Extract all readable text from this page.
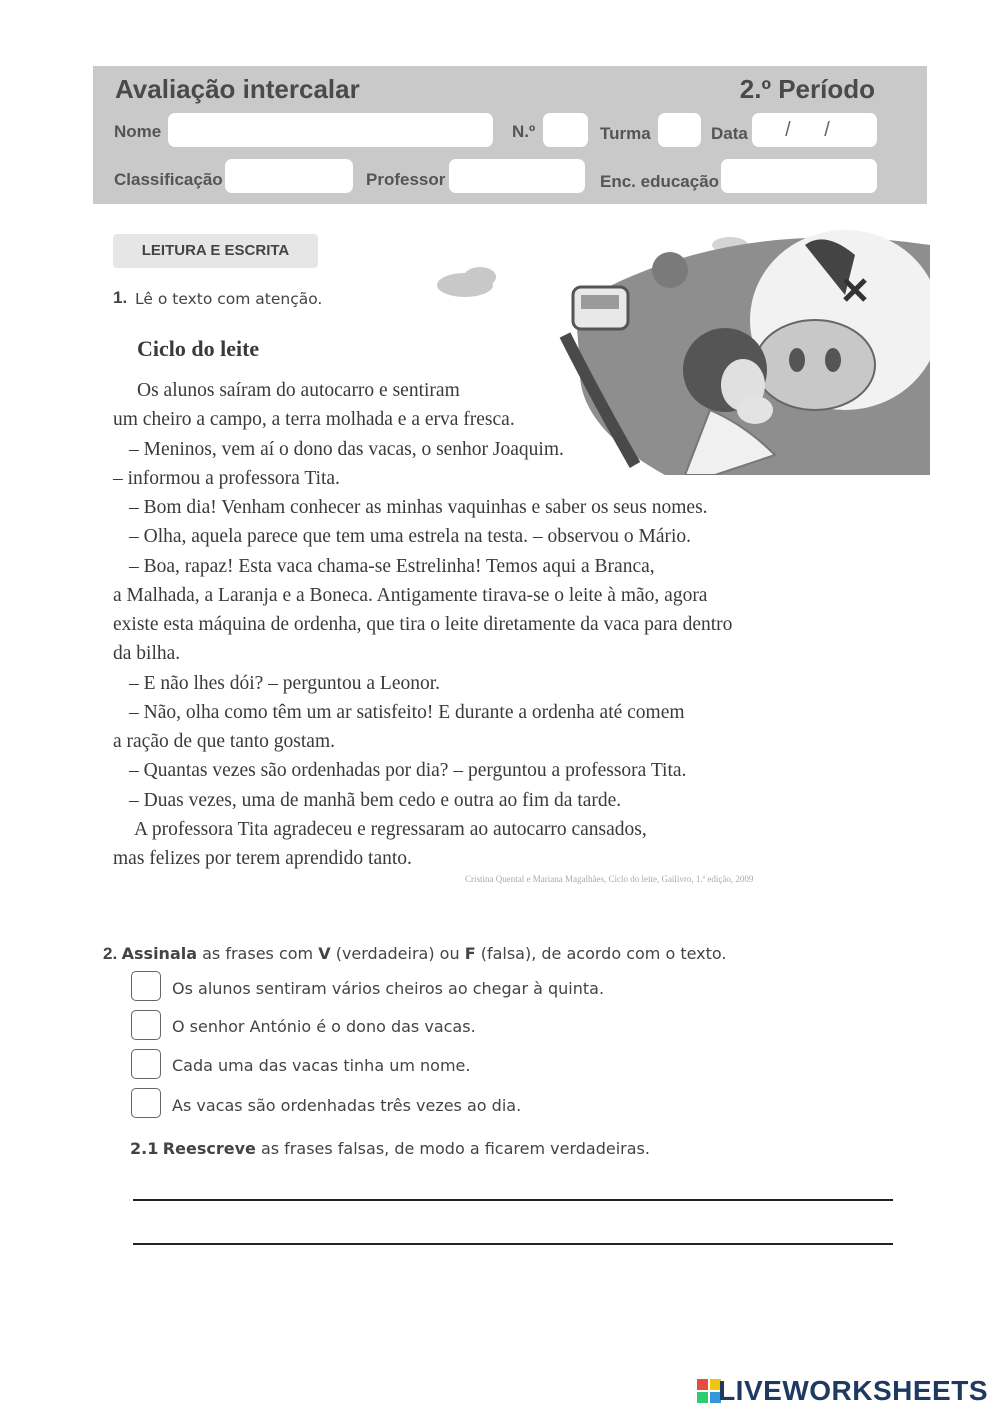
Avaliação intercalar	2.º Período
Nome	N.º	Turma	Data	/ /
Classificação	Professor	Enc. educação
LEITURA E ESCRITA
1. Lê o texto com atenção.
Ciclo do leite
Os alunos saíram do autocarro e sentiram
um cheiro a campo, a terra molhada e a erva fresca.
– Meninos, vem aí o dono das vacas, o senhor Joaquim.
– informou a professora Tita.
– Bom dia! Venham conhecer as minhas vaquinhas e saber os seus nomes.
– Olha, aquela parece que tem uma estrela na testa. – observou o Mário.
– Boa, rapaz! Esta vaca chama-se Estrelinha! Temos aqui a Branca,
a Malhada, a Laranja e a Boneca. Antigamente tirava-se o leite à mão, agora
existe esta máquina de ordenha, que tira o leite diretamente da vaca para dentro
da bilha.
– E não lhes dói? – perguntou a Leonor.
– Não, olha como têm um ar satisfeito! E durante a ordenha até comem
a ração de que tanto gostam.
– Quantas vezes são ordenhadas por dia? – perguntou a professora Tita.
– Duas vezes, uma de manhã bem cedo e outra ao fim da tarde.
A professora Tita agradeceu e regressaram ao autocarro cansados,
mas felizes por terem aprendido tanto.
Cristina Quental e Mariana Magalhães, Ciclo do leite, Gailivro, 1.ª edição, 2009
2. Assinala as frases com V (verdadeira) ou F (falsa), de acordo com o texto.
Os alunos sentiram vários cheiros ao chegar à quinta.
O senhor António é o dono das vacas.
Cada uma das vacas tinha um nome.
As vacas são ordenhadas três vezes ao dia.
2.1 Reescreve as frases falsas, de modo a ficarem verdadeiras.
LIVEWORKSHEETS
